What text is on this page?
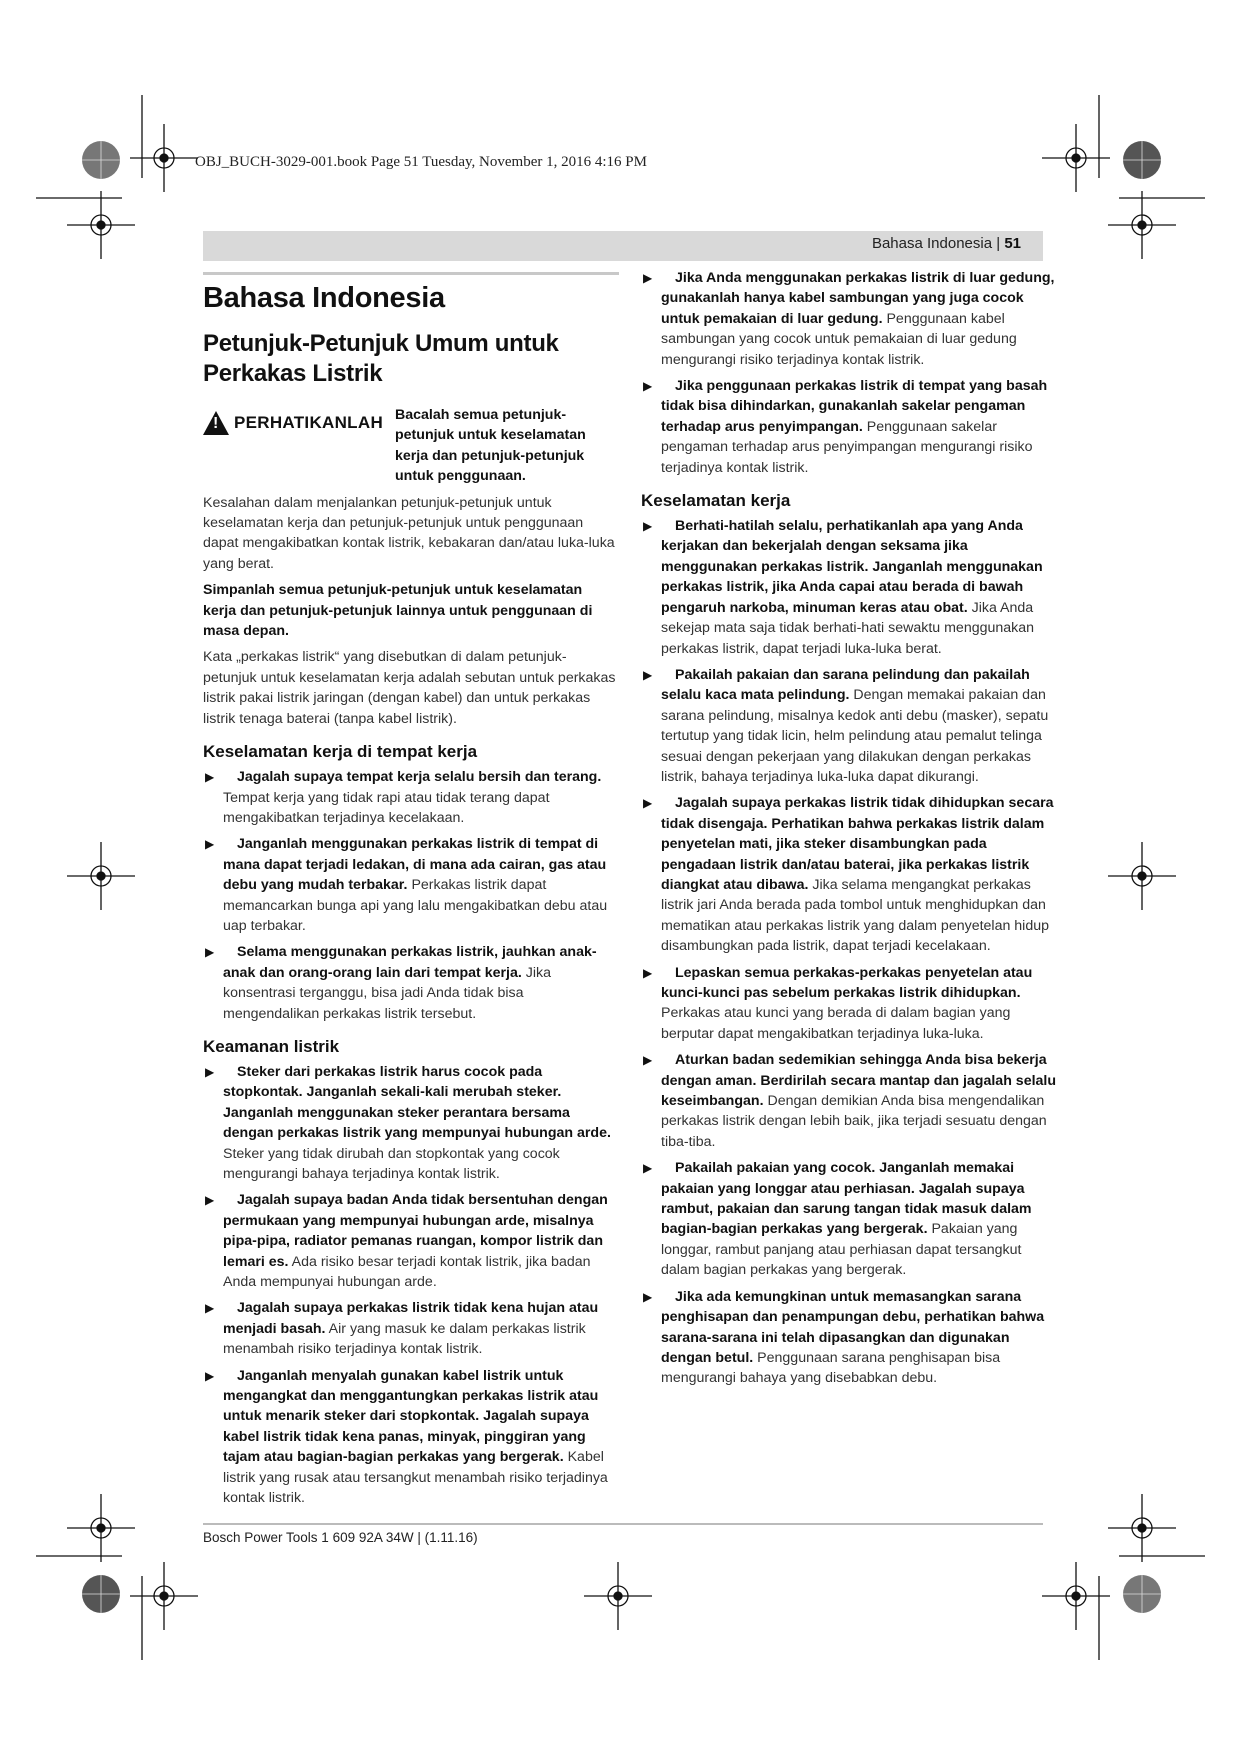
OBJ_BUCH-3029-001.book Page 51 Tuesday, November 1, 2016 4:16 PM
Bahasa Indonesia | 51
Bahasa Indonesia
Petunjuk-Petunjuk Umum untuk Perkakas Listrik
! PERHATIKANLAH Bacalah semua petunjuk-petunjuk untuk keselamatan kerja dan petunjuk-petunjuk untuk penggunaan.

Kesalahan dalam menjalankan petunjuk-petunjuk untuk keselamatan kerja dan petunjuk-petunjuk untuk penggunaan dapat mengakibatkan kontak listrik, kebakaran dan/atau luka-luka yang berat.

Simpanlah semua petunjuk-petunjuk untuk keselamatan kerja dan petunjuk-petunjuk lainnya untuk penggunaan di masa depan.

Kata „perkakas listrik“ yang disebutkan di dalam petunjuk-petunjuk untuk keselamatan kerja adalah sebutan untuk perkakas listrik pakai listrik jaringan (dengan kabel) dan untuk perkakas listrik tenaga baterai (tanpa kabel listrik).

Keselamatan kerja di tempat kerja
▶ Jagalah supaya tempat kerja selalu bersih dan terang. Tempat kerja yang tidak rapi atau tidak terang dapat mengakibatkan terjadinya kecelakaan.
▶ Janganlah menggunakan perkakas listrik di tempat di mana dapat terjadi ledakan, di mana ada cairan, gas atau debu yang mudah terbakar. Perkakas listrik dapat memancarkan bunga api yang lalu mengakibatkan debu atau uap terbakar.
▶ Selama menggunakan perkakas listrik, jauhkan anak-anak dan orang-orang lain dari tempat kerja. Jika konsentrasi terganggu, bisa jadi Anda tidak bisa mengendalikan perkakas listrik tersebut.
Keamanan listrik
▶ Steker dari perkakas listrik harus cocok pada stopkontak. Janganlah sekali-kali merubah steker. Janganlah menggunakan steker perantara bersama dengan perkakas listrik yang mempunyai hubungan arde. Steker yang tidak dirubah dan stopkontak yang cocok mengurangi bahaya terjadinya kontak listrik.
▶ Jagalah supaya badan Anda tidak bersentuhan dengan permukaan yang mempunyai hubungan arde, misalnya pipa-pipa, radiator pemanas ruangan, kompor listrik dan lemari es. Ada risiko besar terjadi kontak listrik, jika badan Anda mempunyai hubungan arde.
▶ Jagalah supaya perkakas listrik tidak kena hujan atau menjadi basah. Air yang masuk ke dalam perkakas listrik menambah risiko terjadinya kontak listrik.
▶ Janganlah menyalah gunakan kabel listrik untuk mengangkat dan menggantungkan perkakas listrik atau untuk menarik steker dari stopkontak. Jagalah supaya kabel listrik tidak kena panas, minyak, pinggiran yang tajam atau bagian-bagian perkakas yang bergerak. Kabel listrik yang rusak atau tersangkut menambah risiko terjadinya kontak listrik.
▶ Jika Anda menggunakan perkakas listrik di luar gedung, gunakanlah hanya kabel sambungan yang juga cocok untuk pemakaian di luar gedung. Penggunaan kabel sambungan yang cocok untuk pemakaian di luar gedung mengurangi risiko terjadinya kontak listrik.
▶ Jika penggunaan perkakas listrik di tempat yang basah tidak bisa dihindarkan, gunakanlah sakelar pengaman terhadap arus penyimpangan. Penggunaan sakelar pengaman terhadap arus penyimpangan mengurangi risiko terjadinya kontak listrik.
Keselamatan kerja
▶ Berhati-hatilah selalu, perhatikanlah apa yang Anda kerjakan dan bekerjalah dengan seksama jika menggunakan perkakas listrik. Janganlah menggunakan perkakas listrik, jika Anda capai atau berada di bawah pengaruh narkoba, minuman keras atau obat. Jika Anda sekejap mata saja tidak berhati-hati sewaktu menggunakan perkakas listrik, dapat terjadi luka-luka berat.
▶ Pakailah pakaian dan sarana pelindung dan pakailah selalu kaca mata pelindung. Dengan memakai pakaian dan sarana pelindung, misalnya kedok anti debu (masker), sepatu tertutup yang tidak licin, helm pelindung atau pemalut telinga sesuai dengan pekerjaan yang dilakukan dengan perkakas listrik, bahaya terjadinya luka-luka dapat dikurangi.
▶ Jagalah supaya perkakas listrik tidak dihidupkan secara tidak disengaja. Perhatikan bahwa perkakas listrik dalam penyetelan mati, jika steker disambungkan pada pengadaan listrik dan/atau baterai, jika perkakas listrik diangkat atau dibawa. Jika selama mengangkat perkakas listrik jari Anda berada pada tombol untuk menghidupkan dan mematikan atau perkakas listrik yang dalam penyetelan hidup disambungkan pada listrik, dapat terjadi kecelakaan.
▶ Lepaskan semua perkakas-perkakas penyetelan atau kunci-kunci pas sebelum perkakas listrik dihidupkan. Perkakas atau kunci yang berada di dalam bagian yang berputar dapat mengakibatkan terjadinya luka-luka.
▶ Aturkan badan sedemikian sehingga Anda bisa bekerja dengan aman. Berdirilah secara mantap dan jagalah selalu keseimbangan. Dengan demikian Anda bisa mengendalikan perkakas listrik dengan lebih baik, jika terjadi sesuatu dengan tiba-tiba.
▶ Pakailah pakaian yang cocok. Janganlah memakai pakaian yang longgar atau perhiasan. Jagalah supaya rambut, pakaian dan sarung tangan tidak masuk dalam bagian-bagian perkakas yang bergerak. Pakaian yang longgar, rambut panjang atau perhiasan dapat tersangkut dalam bagian perkakas yang bergerak.
▶ Jika ada kemungkinan untuk memasangkan sarana penghisapan dan penampungan debu, perhatikan bahwa sarana-sarana ini telah dipasangkan dan digunakan dengan betul. Penggunaan sarana penghisapan bisa mengurangi bahaya yang disebabkan debu.
Bosch Power Tools 1 609 92A 34W | (1.11.16)
